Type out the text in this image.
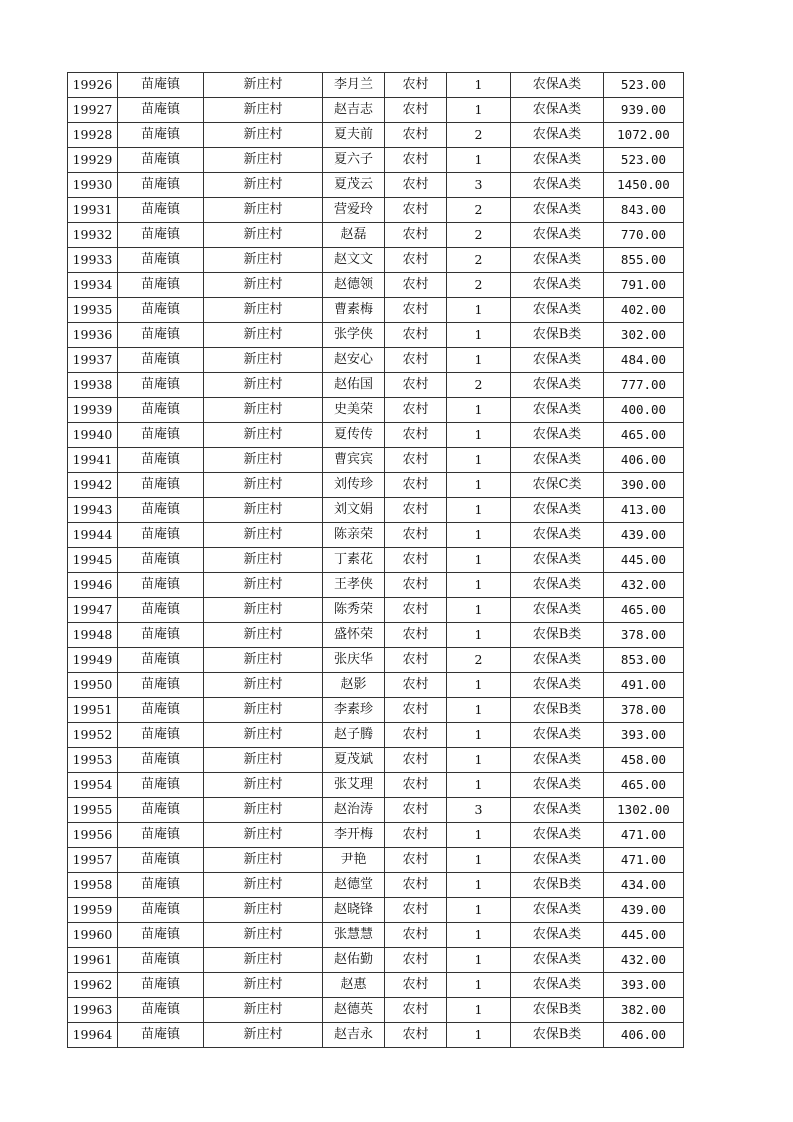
19926	苗庵镇	新庄村	李月兰	农村	1	农保A类	523.00
19927	苗庵镇	新庄村	赵吉志	农村	1	农保A类	939.00
19928	苗庵镇	新庄村	夏夫前	农村	2	农保A类	1072.00
19929	苗庵镇	新庄村	夏六子	农村	1	农保A类	523.00
19930	苗庵镇	新庄村	夏茂云	农村	3	农保A类	1450.00
19931	苗庵镇	新庄村	营爱玲	农村	2	农保A类	843.00
19932	苗庵镇	新庄村	赵磊	农村	2	农保A类	770.00
19933	苗庵镇	新庄村	赵文文	农村	2	农保A类	855.00
19934	苗庵镇	新庄村	赵德领	农村	2	农保A类	791.00
19935	苗庵镇	新庄村	曹素梅	农村	1	农保A类	402.00
19936	苗庵镇	新庄村	张学侠	农村	1	农保B类	302.00
19937	苗庵镇	新庄村	赵安心	农村	1	农保A类	484.00
19938	苗庵镇	新庄村	赵佑国	农村	2	农保A类	777.00
19939	苗庵镇	新庄村	史美荣	农村	1	农保A类	400.00
19940	苗庵镇	新庄村	夏传传	农村	1	农保A类	465.00
19941	苗庵镇	新庄村	曹宾宾	农村	1	农保A类	406.00
19942	苗庵镇	新庄村	刘传珍	农村	1	农保C类	390.00
19943	苗庵镇	新庄村	刘文娟	农村	1	农保A类	413.00
19944	苗庵镇	新庄村	陈亲荣	农村	1	农保A类	439.00
19945	苗庵镇	新庄村	丁素花	农村	1	农保A类	445.00
19946	苗庵镇	新庄村	王孝侠	农村	1	农保A类	432.00
19947	苗庵镇	新庄村	陈秀荣	农村	1	农保A类	465.00
19948	苗庵镇	新庄村	盛怀荣	农村	1	农保B类	378.00
19949	苗庵镇	新庄村	张庆华	农村	2	农保A类	853.00
19950	苗庵镇	新庄村	赵影	农村	1	农保A类	491.00
19951	苗庵镇	新庄村	李素珍	农村	1	农保B类	378.00
19952	苗庵镇	新庄村	赵子腾	农村	1	农保A类	393.00
19953	苗庵镇	新庄村	夏茂斌	农村	1	农保A类	458.00
19954	苗庵镇	新庄村	张艾理	农村	1	农保A类	465.00
19955	苗庵镇	新庄村	赵治涛	农村	3	农保A类	1302.00
19956	苗庵镇	新庄村	李开梅	农村	1	农保A类	471.00
19957	苗庵镇	新庄村	尹艳	农村	1	农保A类	471.00
19958	苗庵镇	新庄村	赵德堂	农村	1	农保B类	434.00
19959	苗庵镇	新庄村	赵晓锋	农村	1	农保A类	439.00
19960	苗庵镇	新庄村	张慧慧	农村	1	农保A类	445.00
19961	苗庵镇	新庄村	赵佑勤	农村	1	农保A类	432.00
19962	苗庵镇	新庄村	赵惠	农村	1	农保A类	393.00
19963	苗庵镇	新庄村	赵德英	农村	1	农保B类	382.00
19964	苗庵镇	新庄村	赵吉永	农村	1	农保B类	406.00
